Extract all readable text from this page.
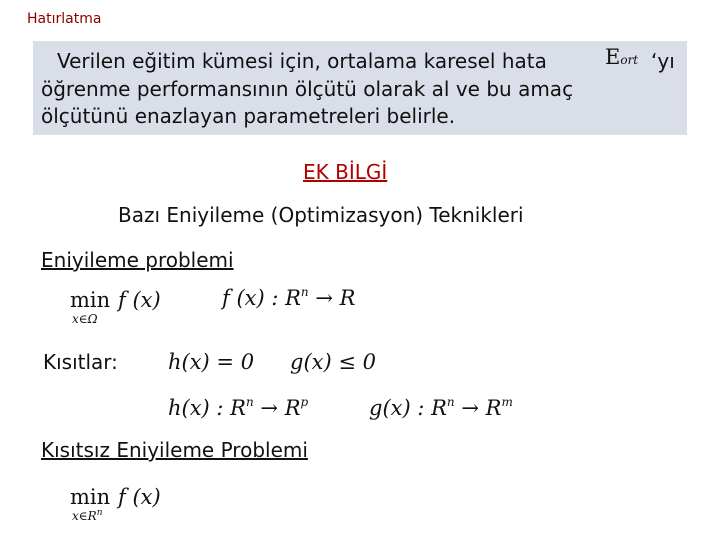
Hatırlatma
Verilen eğitim kümesi için, ortalama karesel hata	Eort ‘yı
öğrenme performansının ölçütü olarak al ve bu amaç
ölçütünü enazlayan parametreleri belirle.
EK BİLGİ
Bazı Eniyileme (Optimizasyon) Teknikleri
Eniyileme problemi
min
x∈Ω
f (x)	f (x) : $R^n \to R$
Kısıtlar: h(x) = 0 g(x) ≤ 0
h(x) : $R^n \to R^p$	g(x) : $R^n \to R^m$
Kısıtsız Eniyileme Problemi
min
$x\in R^n$
f (x)
